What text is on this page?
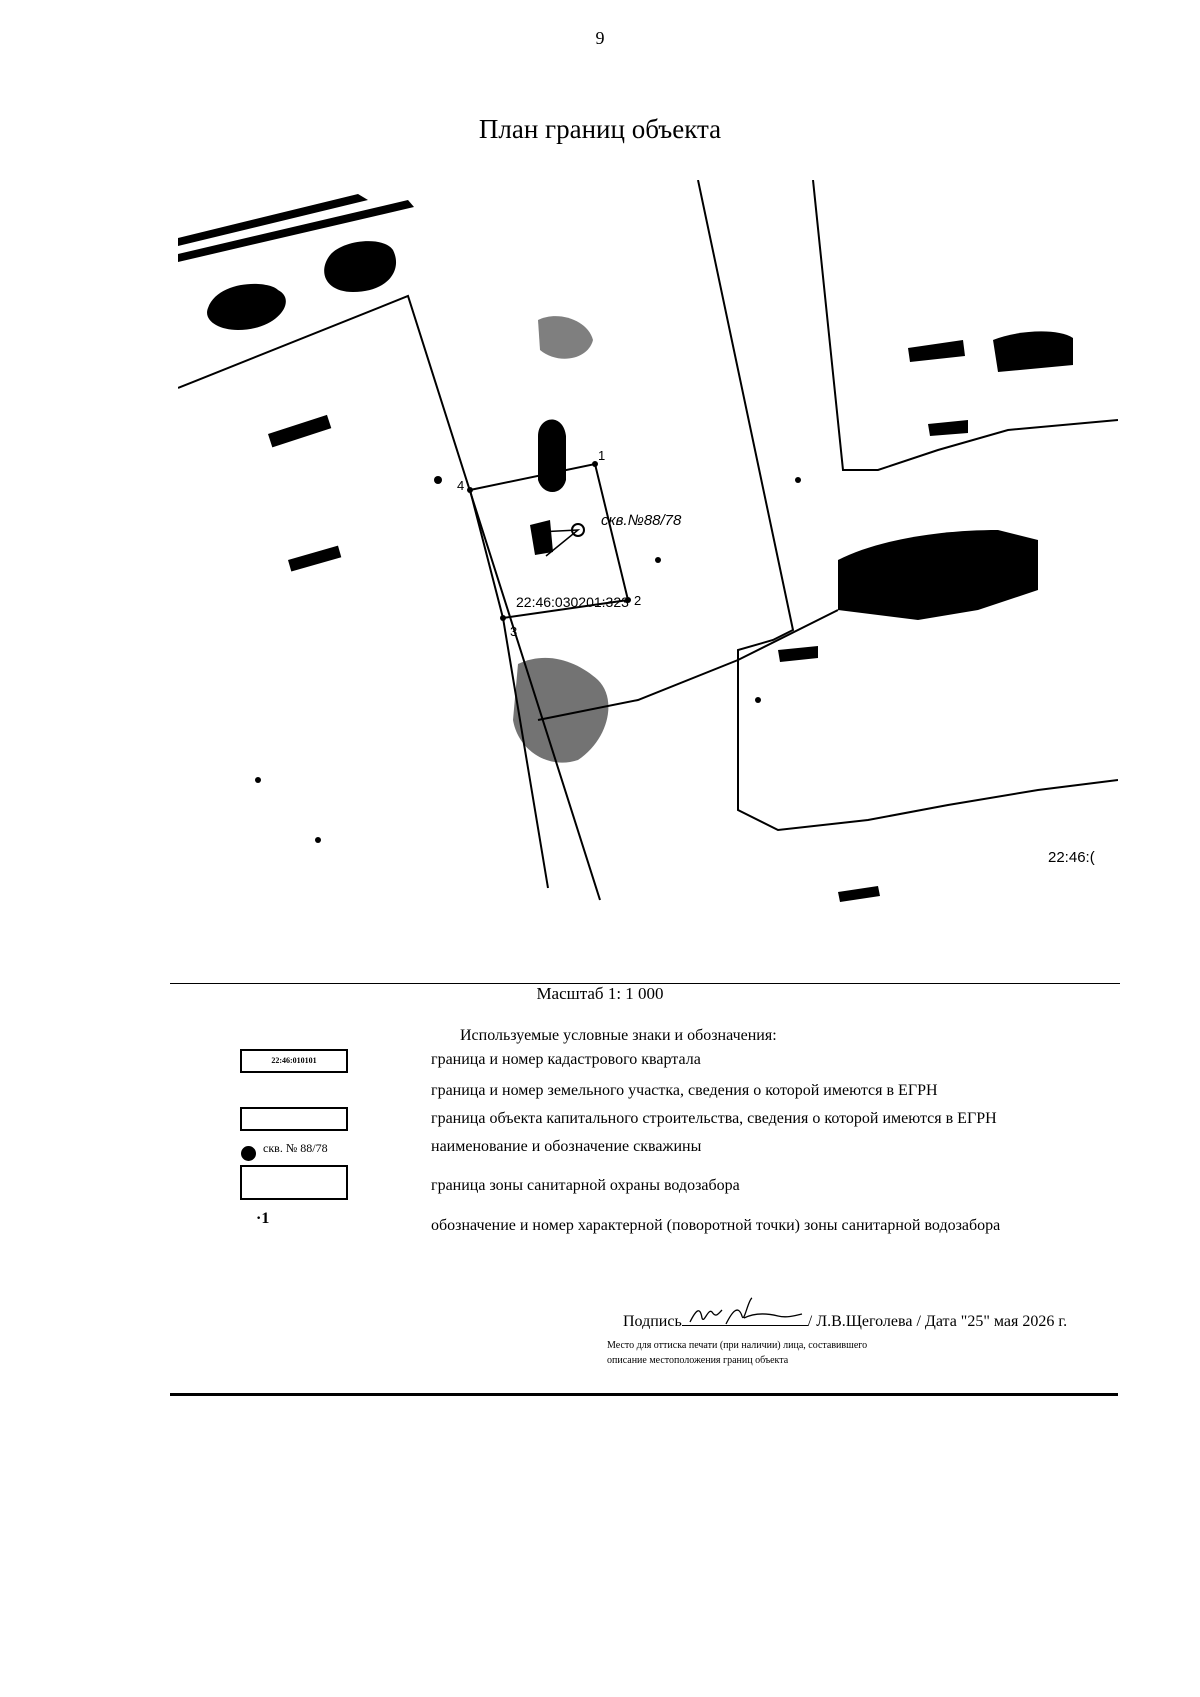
9
План границ объекта
1
2
3
4
скв.№88/78
22:46:030201:323
22:46:(
Масштаб 1: 1 000
Используемые условные знаки и обозначения:
22:46:010101
скв. № 88/78
·1
граница и номер кадастрового квартала
граница и номер земельного участка, сведения о которой имеются в ЕГРН
граница объекта капитального строительства, сведения о которой имеются в ЕГРН
наименование и обозначение скважины
граница зоны санитарной охраны водозабора
обозначение и номер характерной (поворотной точки) зоны санитарной водозабора
Подпись	/ Л.В.Щеголева / Дата "25" мая 2026 г.
Место для оттиска печати (при наличии) лица, составившего
описание местоположения границ объекта
